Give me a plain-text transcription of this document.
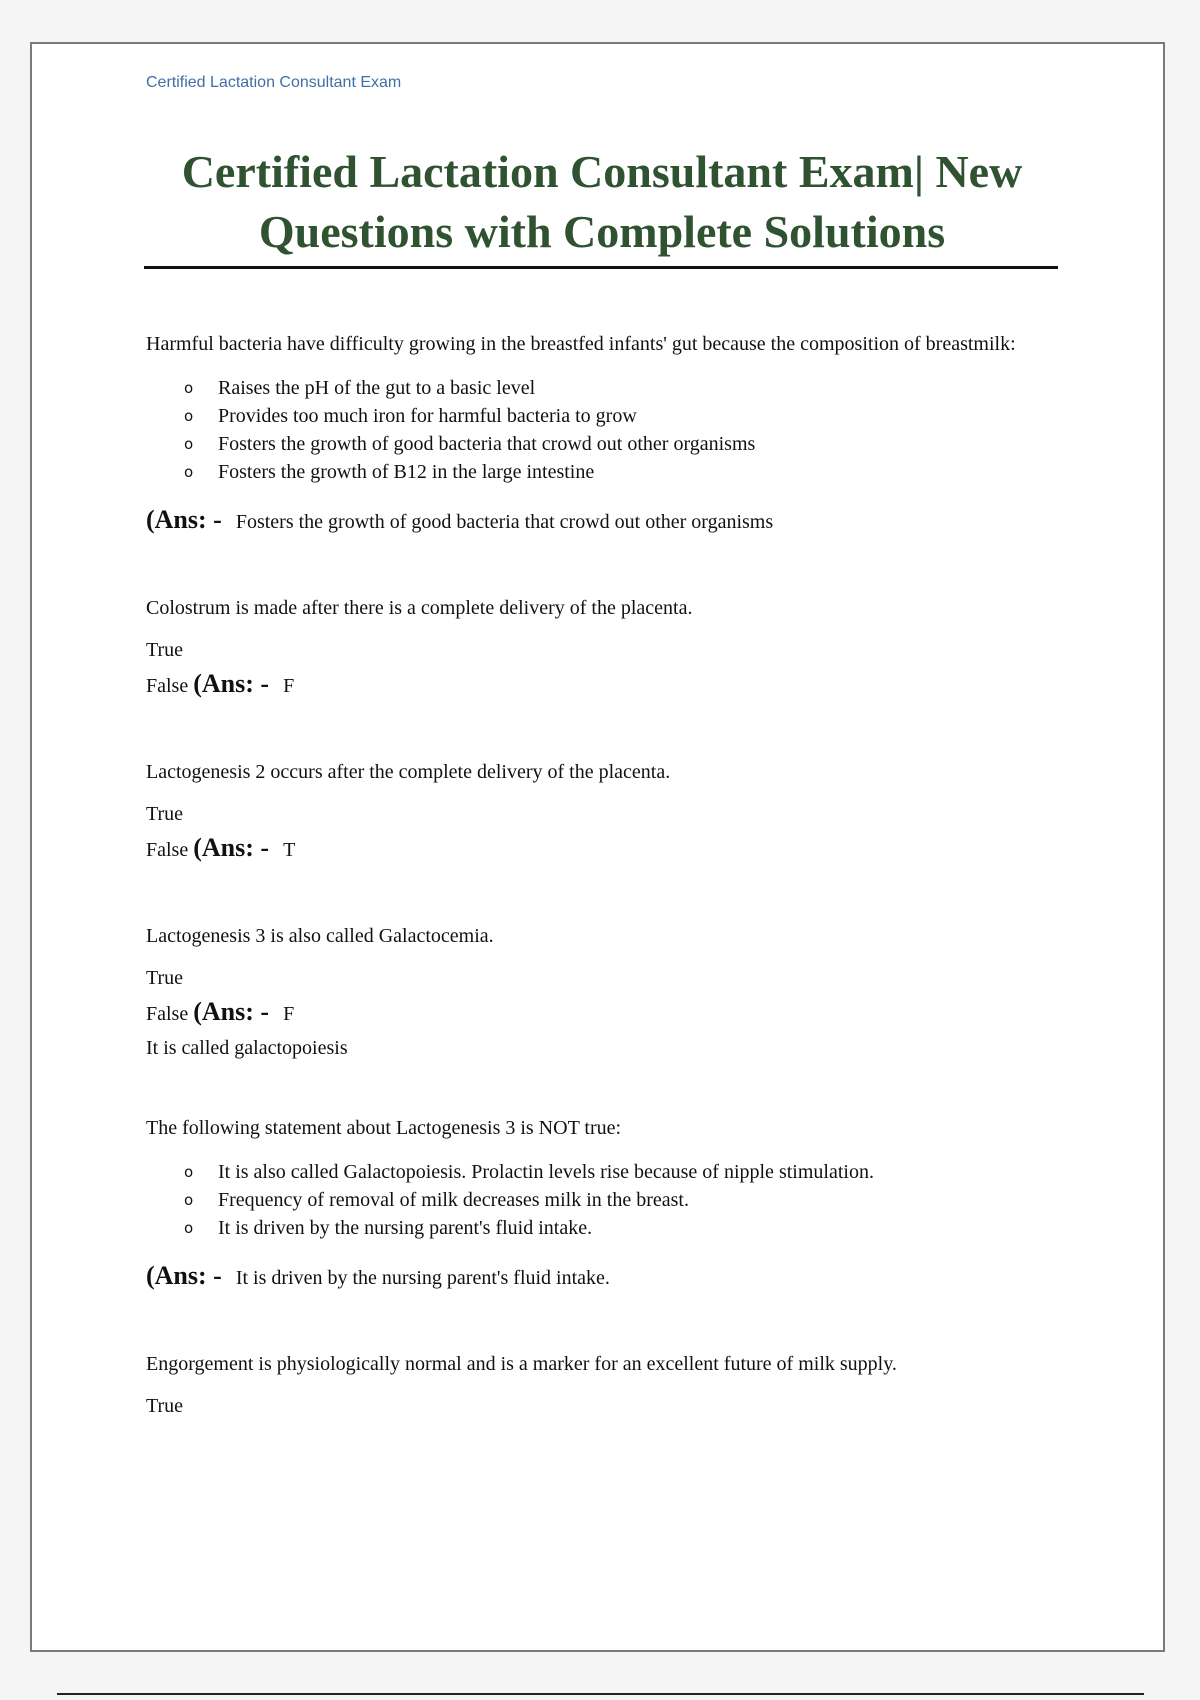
Certified Lactation Consultant Exam
Certified Lactation Consultant Exam| New
Questions with Complete Solutions

Harmful bacteria have difficulty growing in the breastfed infants' gut because the composition of breastmilk:

o Raises the pH of the gut to a basic level
o Provides too much iron for harmful bacteria to grow
o Fosters the growth of good bacteria that crowd out other organisms
o Fosters the growth of B12 in the large intestine

(Ans: - Fosters the growth of good bacteria that crowd out other organisms

Colostrum is made after there is a complete delivery of the placenta.

True

False (Ans: - F

Lactogenesis 2 occurs after the complete delivery of the placenta.

True

False (Ans: - T

Lactogenesis 3 is also called Galactocemia.

True

False (Ans: - F

It is called galactopoiesis

The following statement about Lactogenesis 3 is NOT true:

o It is also called Galactopoiesis. Prolactin levels rise because of nipple stimulation.
o Frequency of removal of milk decreases milk in the breast.
o It is driven by the nursing parent's fluid intake.

(Ans: - It is driven by the nursing parent's fluid intake.

Engorgement is physiologically normal and is a marker for an excellent future of milk supply.

True
